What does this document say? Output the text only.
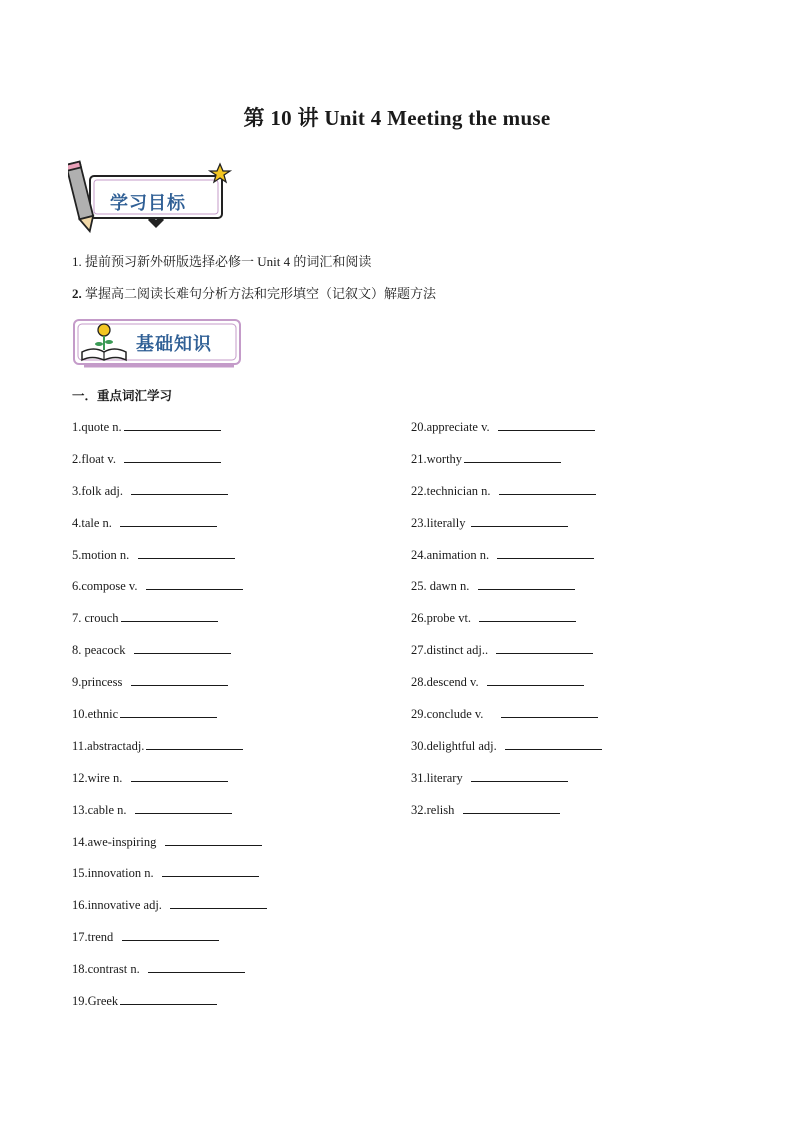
第 10 讲 Unit 4 Meeting the muse
学习目标
1. 提前预习新外研版选择必修一 Unit 4 的词汇和阅读
2. 掌握高二阅读长难句分析方法和完形填空（记叙文）解题方法
基础知识
一．重点词汇学习
1.quote n.
2.float v.
3.folk adj.
4.tale n.
5.motion n.
6.compose v.
7. crouch
8. peacock
9.princess
10.ethnic
11.abstractadj.
12.wire n.
13.cable n.
14.awe-inspiring
15.innovation n.
16.innovative adj.
17.trend
18.contrast n.
19.Greek
20.appreciate v.
21.worthy
22.technician n.
23.literally
24.animation n.
25. dawn n.
26.probe vt.
27.distinct adj..
28.descend v.
29.conclude v.
30.delightful adj.
31.literary
32.relish
